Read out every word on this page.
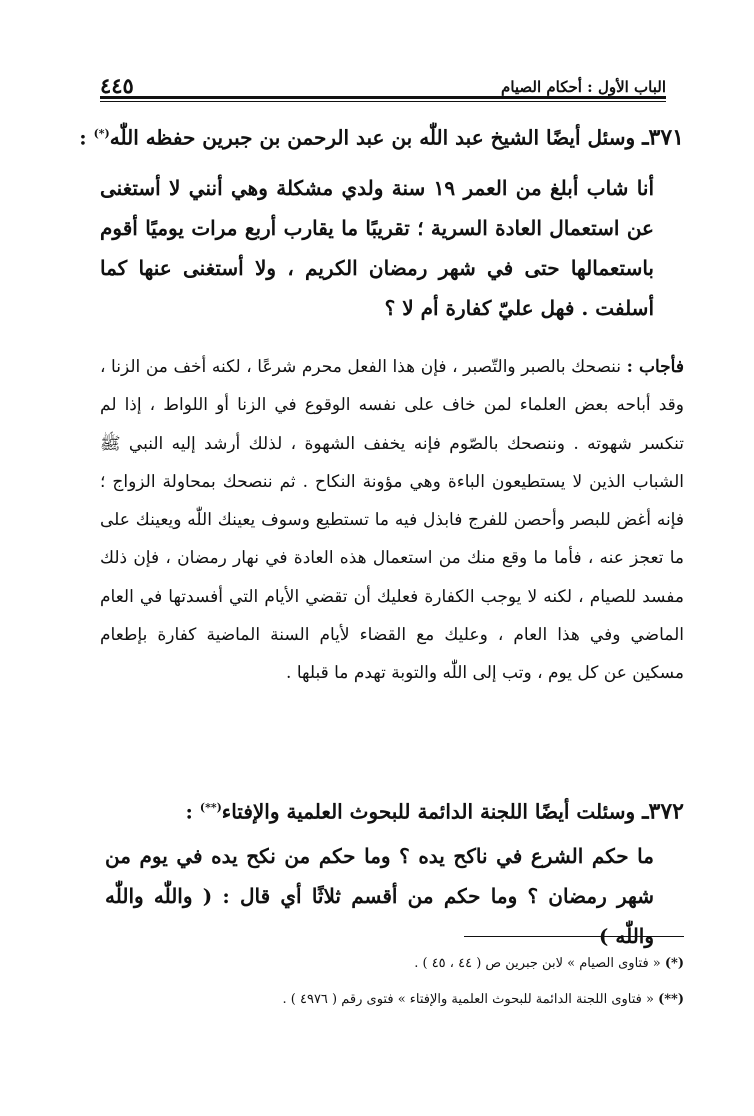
٤٤٥	الباب الأول : أحكام الصيام
٣٧١ـ وسئل أيضًا الشيخ عبد اللّٰه بن عبد الرحمن بن جبرين حفظه اللّٰه(*) :
أنا شاب أبلغ من العمر ١٩ سنة ولدي مشكلة وهي أنني لا أستغنى عن استعمال العادة السرية ؛ تقريبًا ما يقارب أربع مرات يوميًا أقوم باستعمالها حتى في شهر رمضان الكريم ، ولا أستغنى عنها كما أسلفت . فهل عليّ كفارة أم لا ؟
فأجاب : ننصحك بالصبر والتّصبر ، فإن هذا الفعل محرم شرعًا ، لكنه أخف من الزنا ، وقد أباحه بعض العلماء لمن خاف على نفسه الوقوع في الزنا أو اللواط ، إذا لم تنكسر شهوته . وننصحك بالصّوم فإنه يخفف الشهوة ، لذلك أرشد إليه النبي ﷺ الشباب الذين لا يستطيعون الباءة وهي مؤونة النكاح . ثم ننصحك بمحاولة الزواج ؛ فإنه أغض للبصر وأحصن للفرج فابذل فيه ما تستطيع وسوف يعينك اللّٰه ويعينك على ما تعجز عنه ، فأما ما وقع منك من استعمال هذه العادة في نهار رمضان ، فإن ذلك مفسد للصيام ، لكنه لا يوجب الكفارة فعليك أن تقضي الأيام التي أفسدتها في العام الماضي وفي هذا العام ، وعليك مع القضاء لأيام السنة الماضية كفارة بإطعام مسكين عن كل يوم ، وتب إلى اللّٰه والتوبة تهدم ما قبلها .
٣٧٢ـ وسئلت أيضًا اللجنة الدائمة للبحوث العلمية والإفتاء(**) :
ما حكم الشرع في ناكح يده ؟ وما حكم من نكح يده في يوم من شهر رمضان ؟ وما حكم من أقسم ثلاثًا أي قال : ( واللّٰه واللّٰه واللّٰه )
(*) « فتاوى الصيام » لابن جبرين ص ( ٤٤ ، ٤٥ ) .
(**) « فتاوى اللجنة الدائمة للبحوث العلمية والإفتاء » فتوى رقم ( ٤٩٧٦ ) .
